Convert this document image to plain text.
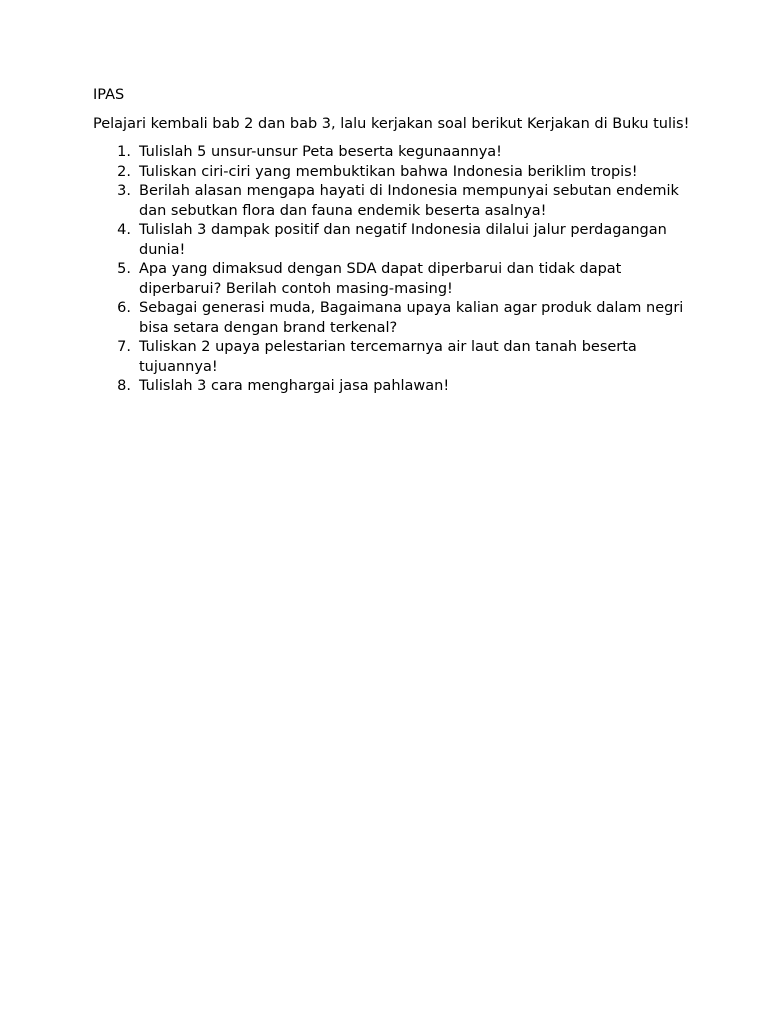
IPAS

Pelajari kembali bab 2 dan bab 3, lalu kerjakan soal berikut Kerjakan di Buku tulis!

1. Tulislah 5 unsur-unsur Peta beserta kegunaannya!
2. Tuliskan ciri-ciri yang membuktikan bahwa Indonesia beriklim tropis!
3. Berilah alasan mengapa hayati di Indonesia mempunyai sebutan endemik dan sebutkan flora dan fauna endemik beserta asalnya!
4. Tulislah 3 dampak positif dan negatif Indonesia dilalui jalur perdagangan dunia!
5. Apa yang dimaksud dengan SDA dapat diperbarui dan tidak dapat diperbarui? Berilah contoh masing-masing!
6. Sebagai generasi muda, Bagaimana upaya kalian agar produk dalam negri bisa setara dengan brand terkenal?
7. Tuliskan 2 upaya pelestarian tercemarnya air laut dan tanah beserta tujuannya!
8. Tulislah 3 cara menghargai jasa pahlawan!
